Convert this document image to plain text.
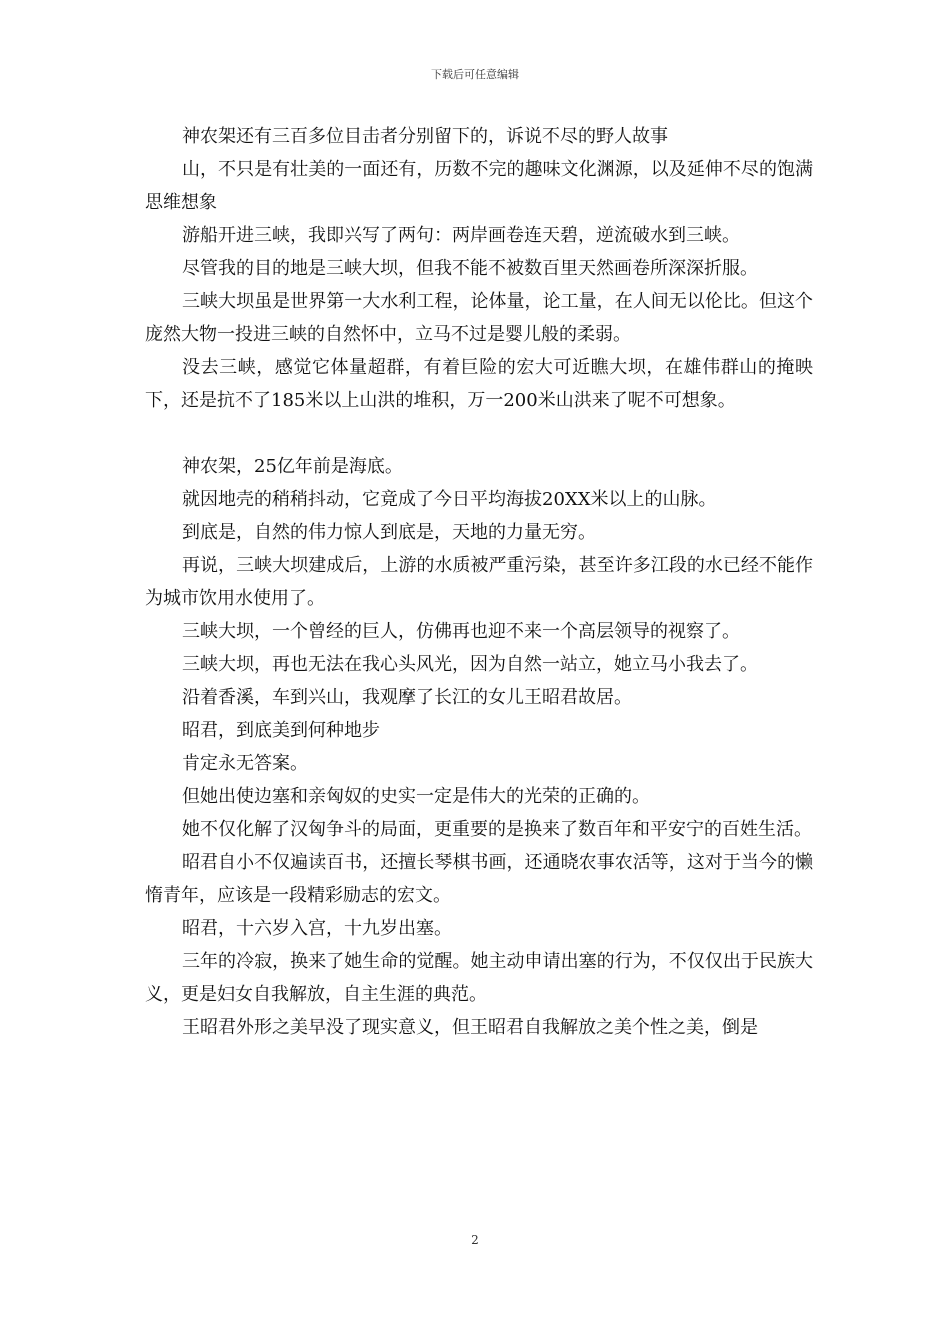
下载后可任意编辑

神农架还有三百多位目击者分别留下的，诉说不尽的野人故事

山，不只是有壮美的一面还有，历数不完的趣味文化渊源，以及延伸不尽的饱满思维想象

游船开进三峡，我即兴写了两句：两岸画卷连天碧，逆流破水到三峡。

尽管我的目的地是三峡大坝，但我不能不被数百里天然画卷所深深折服。

三峡大坝虽是世界第一大水利工程，论体量，论工量，在人间无以伦比。但这个庞然大物一投进三峡的自然怀中，立马不过是婴儿般的柔弱。

没去三峡，感觉它体量超群，有着巨险的宏大可近瞧大坝，在雄伟群山的掩映下，还是抗不了185米以上山洪的堆积，万一200米山洪来了呢不可想象。

神农架，25亿年前是海底。

就因地壳的稍稍抖动，它竟成了今日平均海拔20XX米以上的山脉。

到底是，自然的伟力惊人到底是，天地的力量无穷。

再说，三峡大坝建成后，上游的水质被严重污染，甚至许多江段的水已经不能作为城市饮用水使用了。

三峡大坝，一个曾经的巨人，仿佛再也迎不来一个高层领导的视察了。

三峡大坝，再也无法在我心头风光，因为自然一站立，她立马小我去了。

沿着香溪，车到兴山，我观摩了长江的女儿王昭君故居。

昭君，到底美到何种地步

肯定永无答案。

但她出使边塞和亲匈奴的史实一定是伟大的光荣的正确的。

她不仅化解了汉匈争斗的局面，更重要的是换来了数百年和平安宁的百姓生活。

昭君自小不仅遍读百书，还擅长琴棋书画，还通晓农事农活等，这对于当今的懒惰青年，应该是一段精彩励志的宏文。

昭君，十六岁入宫，十九岁出塞。

三年的冷寂，换来了她生命的觉醒。她主动申请出塞的行为，不仅仅出于民族大义，更是妇女自我解放，自主生涯的典范。

王昭君外形之美早没了现实意义，但王昭君自我解放之美个性之美，倒是

2
